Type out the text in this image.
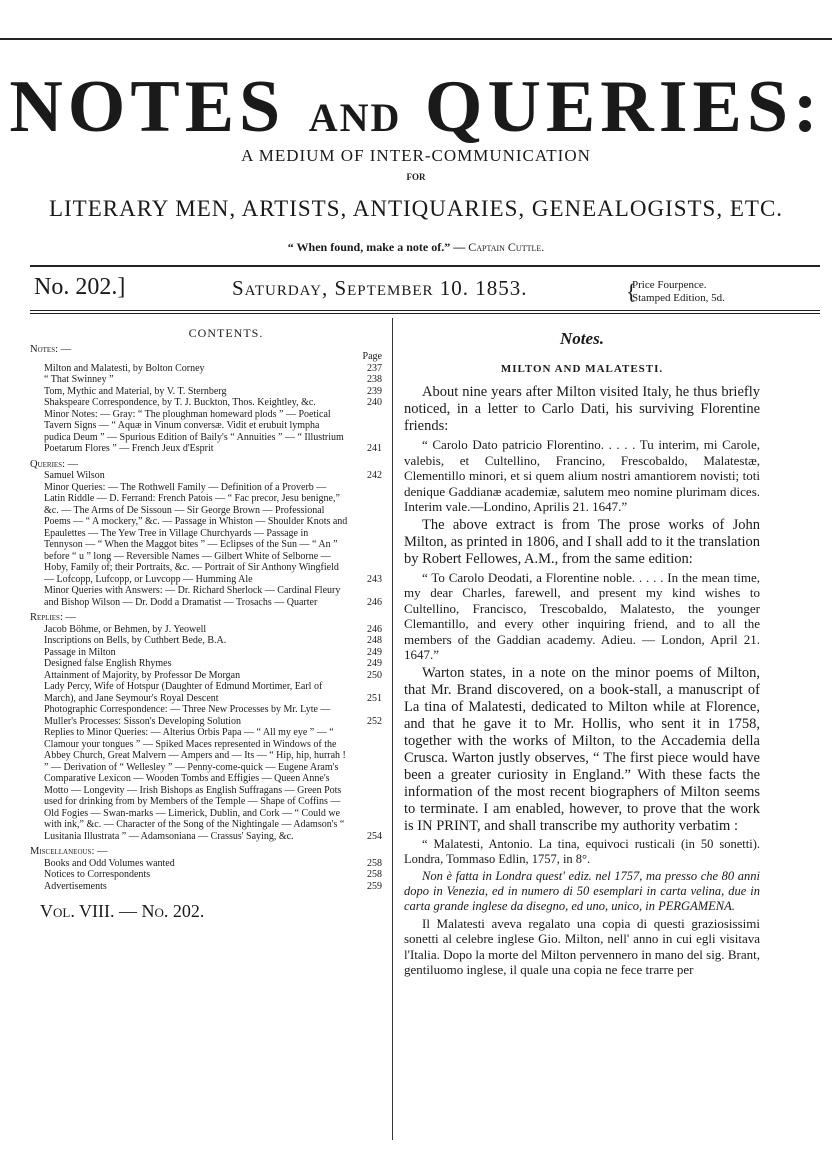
NOTES AND QUERIES:
A MEDIUM OF INTER-COMMUNICATION
FOR
LITERARY MEN, ARTISTS, ANTIQUARIES, GENEALOGISTS, ETC.
“ When found, make a note of.” — Captain Cuttle.
No. 202.]	Saturday, September 10. 1853.	{
Price Fourpence.
Stamped Edition, 5d.
CONTENTS.
Notes: —
Page
Milton and Malatesti, by Bolton Corney	237
“ That Swinney ”	238
Tom, Mythic and Material, by V. T. Sternberg	239
Shakspeare Correspondence, by T. J. Buckton, Thos. Keightley, &c.	240
Minor Notes: — Gray: “ The ploughman homeward plods ” — Poetical Tavern Signs — “ Aquæ in Vinum conversæ. Vidit et erubuit lympha pudica Deum ” — Spurious Edition of Baily's “ Annuities ” — “ Illustrium Poetarum Flores ” — French Jeux d'Esprit	241
Queries: —
Samuel Wilson	242
Minor Queries: — The Rothwell Family — Definition of a Proverb — Latin Riddle — D. Ferrand: French Patois — “ Fac precor, Jesu benigne,” &c. — The Arms of De Sissoun — Sir George Brown — Professional Poems — “ A mockery,” &c. — Passage in Whiston — Shoulder Knots and Epaulettes — The Yew Tree in Village Churchyards — Passage in Tennyson — “ When the Maggot bites ” — Eclipses of the Sun — “ An ” before “ u ” long — Reversible Names — Gilbert White of Selborne — Hoby, Family of; their Portraits, &c. — Portrait of Sir Anthony Wingfield — Lofcopp, Lufcopp, or Luvcopp — Humming Ale	243
Minor Queries with Answers: — Dr. Richard Sherlock — Cardinal Fleury and Bishop Wilson — Dr. Dodd a Dramatist — Trosachs — Quarter	246
Replies: —
Jacob Böhme, or Behmen, by J. Yeowell	246
Inscriptions on Bells, by Cuthbert Bede, B.A.	248
Passage in Milton	249
Designed false English Rhymes	249
Attainment of Majority, by Professor De Morgan	250
Lady Percy, Wife of Hotspur (Daughter of Edmund Mortimer, Earl of March), and Jane Seymour's Royal Descent	251
Photographic Correspondence: — Three New Processes by Mr. Lyte — Muller's Processes: Sisson's Developing Solution	252
Replies to Minor Queries: — Alterius Orbis Papa — “ All my eye ” — “ Clamour your tongues ” — Spiked Maces represented in Windows of the Abbey Church, Great Malvern — Ampers and — Its — “ Hip, hip, hurrah ! ” — Derivation of “ Wellesley ” — Penny-come-quick — Eugene Aram's Comparative Lexicon — Wooden Tombs and Effigies — Queen Anne's Motto — Longevity — Irish Bishops as English Suffragans — Green Pots used for drinking from by Members of the Temple — Shape of Coffins — Old Fogies — Swan-marks — Limerick, Dublin, and Cork — “ Could we with ink,” &c. — Character of the Song of the Nightingale — Adamson's “ Lusitania Illustrata ” — Adamsoniana — Crassus' Saying, &c.	254
Miscellaneous: —
Books and Odd Volumes wanted	258
Notices to Correspondents	258
Advertisements	259
Vol. VIII. — No. 202.
Notes.
MILTON AND MALATESTI.

About nine years after Milton visited Italy, he thus briefly noticed, in a letter to Carlo Dati, his surviving Florentine friends:

“ Carolo Dato patricio Florentino. . . . . Tu interim, mi Carole, valebis, et Cultellino, Francino, Frescobaldo, Malatestæ, Clementillo minori, et si quem alium nostri amantiorem novisti; toti denique Gaddianæ academiæ, salutem meo nomine plurimam dices. Interim vale.—Londino, Aprilis 21. 1647.”

The above extract is from The prose works of John Milton, as printed in 1806, and I shall add to it the translation by Robert Fellowes, A.M., from the same edition:

“ To Carolo Deodati, a Florentine noble. . . . . In the mean time, my dear Charles, farewell, and present my kind wishes to Cultellino, Francisco, Trescobaldo, Malatesto, the younger Clemantillo, and every other inquiring friend, and to all the members of the Gaddian academy. Adieu. — London, April 21. 1647.”

Warton states, in a note on the minor poems of Milton, that Mr. Brand discovered, on a book-stall, a manuscript of La tina of Malatesti, dedicated to Milton while at Florence, and that he gave it to Mr. Hollis, who sent it in 1758, together with the works of Milton, to the Accademia della Crusca. Warton justly observes, “ The first piece would have been a greater curiosity in England.” With these facts the information of the most recent biographers of Milton seems to terminate. I am enabled, however, to prove that the work is IN PRINT, and shall transcribe my authority verbatim :

“ Malatesti, Antonio. La tina, equivoci rusticali (in 50 sonetti). Londra, Tommaso Edlin, 1757, in 8°.

Non è fatta in Londra quest' ediz. nel 1757, ma presso che 80 anni dopo in Venezia, ed in numero di 50 esemplari in carta velina, due in carta grande inglese da disegno, ed uno, unico, in PERGAMENA.

Il Malatesti aveva regalato una copia di questi graziosissimi sonetti al celebre inglese Gio. Milton, nell' anno in cui egli visitava l'Italia. Dopo la morte del Milton pervennero in mano del sig. Brant, gentiluomo inglese, il quale una copia ne fece trarre per
